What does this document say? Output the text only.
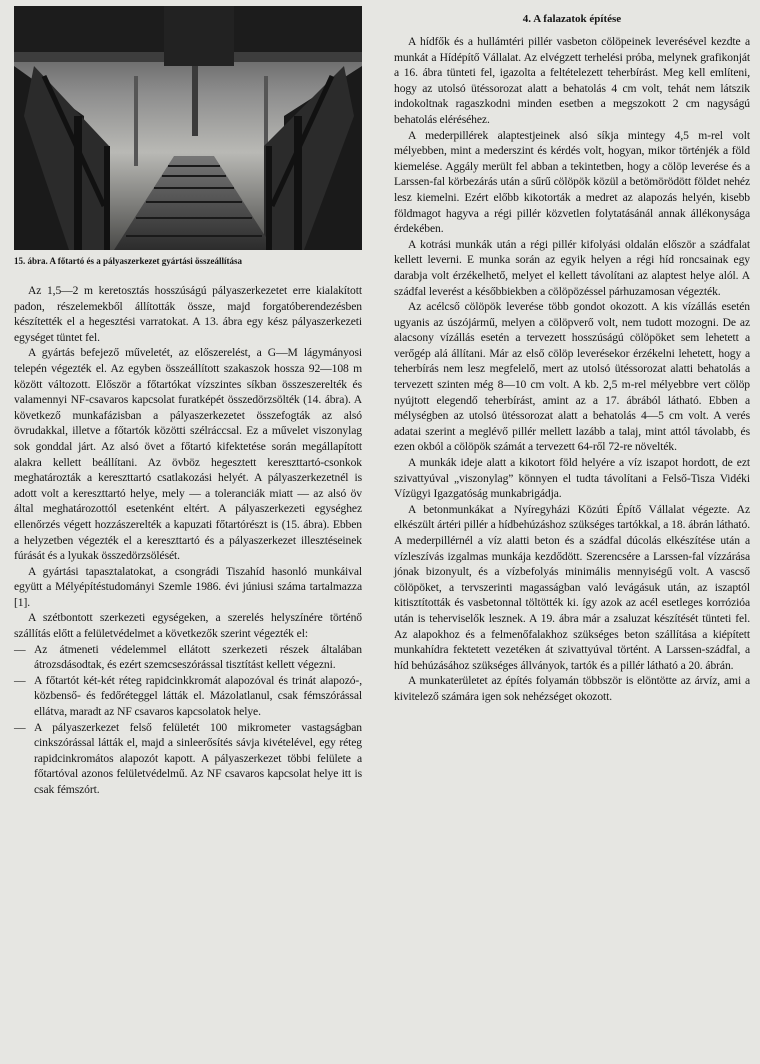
15. ábra. A főtartó és a pályaszerkezet gyártási összeállítása

Az 1,5—2 m keretosztás hosszúságú pályaszerkezetet erre kialakított padon, részelemekből állították össze, majd forgatóberendezésben készítették el a hegesztési varratokat. A 13. ábra egy kész pályaszerkezeti egységet tüntet fel.

A gyártás befejező műveletét, az előszerelést, a G—M lágymányosi telepén végezték el. Az egyben összeállított szakaszok hossza 92—108 m között változott. Először a főtartókat vízszintes síkban összeszerelték és valamennyi NF-csavaros kapcsolat furatképét összedörzsölték (14. ábra). A következő munkafázisban a pályaszerkezetet összefogták az alsó övrudakkal, illetve a főtartók közötti szélráccsal. Ez a művelet viszonylag sok gonddal járt. Az alsó övet a főtartó kifektetése során megállapított alakra kellett beállítani. Az övböz hegesztett kereszttartó-csonkok meghatározták a kereszttartó csatlakozási helyét. A pályaszerkezetnél is adott volt a kereszttartó helye, mely — a toleranciák miatt — az alsó öv által meghatározottól esetenként eltért. A pályaszerkezeti egységhez ellenőrzés végett hozzászerelték a kapuzati főtartórészt is (15. ábra). Ebben a helyzetben végezték el a kereszttartó és a pályaszerkezet illesztéseinek fúrását és a lyukak összedörzsölését.

A gyártási tapasztalatokat, a csongrádi Tiszahíd hasonló munkáival együtt a Mélyépítéstudományi Szemle 1986. évi júniusi száma tartalmazza [1].

A szétbontott szerkezeti egységeken, a szerelés helyszínére történő szállítás előtt a felületvédelmet a következők szerint végezték el:

— Az átmeneti védelemmel ellátott szerkezeti részek általában átrozsdásodtak, és ezért szemcseszórással tisztítást kellett végezni.
— A főtartót két-két réteg rapidcinkkromát alapozóval és trinát alapozó-, közbenső- és fedőréteggel látták el. Mázolatlanul, csak fémszórással ellátva, maradt az NF csavaros kapcsolatok helye.
— A pályaszerkezet felső felületét 100 mikrometer vastagságban cinkszórással látták el, majd a sinleerősítés sávja kivételével, egy réteg rapidcinkromátos alapozót kapott. A pályaszerkezet többi felülete a főtartóval azonos felületvédelmű. Az NF csavaros kapcsolat helye itt is csak fémszórt.
4. A falazatok építése

A hídfők és a hullámtéri pillér vasbeton cölöpeinek leverésével kezdte a munkát a Hídépítő Vállalat. Az elvégzett terhelési próba, melynek grafikonját a 16. ábra tünteti fel, igazolta a feltételezett teherbírást. Meg kell említeni, hogy az utolsó ütéssorozat alatt a behatolás 4 cm volt, tehát nem látszik indokoltnak ragaszkodni minden esetben a megszokott 2 cm nagyságú behatolás eléréséhez.

A mederpillérek alaptestjeinek alsó síkja mintegy 4,5 m-rel volt mélyebben, mint a mederszint és kérdés volt, hogyan, mikor történjék a föld kiemelése. Aggály merült fel abban a tekintetben, hogy a cölöp leverése és a Larssen-fal körbezárás után a sűrű cölöpök közül a betömörödött földet nehéz lesz kiemelni. Ezért előbb kikotorták a medret az alapozás helyén, kisebb földmagot hagyva a régi pillér közvetlen folytatásánál annak állékonysága érdekében.

A kotrási munkák után a régi pillér kifolyási oldalán először a szádfalat kellett leverni. E munka során az egyik helyen a régi híd roncsainak egy darabja volt érzékelhető, melyet el kellett távolítani az alaptest helye alól. A szádfal leverést a későbbiekben a cölöpözéssel párhuzamosan végezték.

Az acélcső cölöpök leverése több gondot okozott. A kis vízállás esetén ugyanis az úszójármű, melyen a cölöpverő volt, nem tudott mozogni. De az alacsony vízállás esetén a tervezett hosszúságú cölöpöket sem lehetett a verőgép alá állítani. Már az első cölöp leverésekor érzékelni lehetett, hogy a teherbírás nem lesz megfelelő, mert az utolsó ütéssorozat alatti behatolás a tervezett szinten még 8—10 cm volt. A kb. 2,5 m-rel mélyebbre vert cölöp nyújtott elegendő teherbírást, amint az a 17. ábrából látható. Ebben a mélységben az utolsó ütéssorozat alatt a behatolás 4—5 cm volt. A verés adatai szerint a meglévő pillér mellett lazább a talaj, mint attól távolabb, és ezen okból a cölöpök számát a tervezett 64-ről 72-re növelték.

A munkák ideje alatt a kikotort föld helyére a víz iszapot hordott, de ezt szivattyúval „viszonylag” könnyen el tudta távolítani a Felső-Tisza Vidéki Vízügyi Igazgatóság munkabrigádja.

A betonmunkákat a Nyíregyházi Közúti Építő Vállalat végezte. Az elkészült ártéri pillér a hídbehúzáshoz szükséges tartókkal, a 18. ábrán látható. A mederpillérnél a víz alatti beton és a szádfal dúcolás elkészítése után a vízleszívás izgalmas munkája kezdődött. Szerencsére a Larssen-fal vízzárása jónak bizonyult, és a vízbefolyás minimális mennyiségű volt. A vascső cölöpöket, a tervszerinti magasságban való levágásuk után, az iszaptól kitisztították és vasbetonnal töltötték ki. így azok az acél esetleges korrózióa után is teherviselők lesznek. A 19. ábra már a zsaluzat készítését tünteti fel. Az alapokhoz és a felmenőfalakhoz szükséges beton szállítása a kiépített munkahídra fektetett vezetéken át szivattyúval történt. A Larssen-szádfal, a híd behúzásához szükséges állványok, tartók és a pillér látható a 20. ábrán.

A munkaterületet az építés folyamán többször is elöntötte az árvíz, ami a kivitelező számára igen sok nehézséget okozott.
